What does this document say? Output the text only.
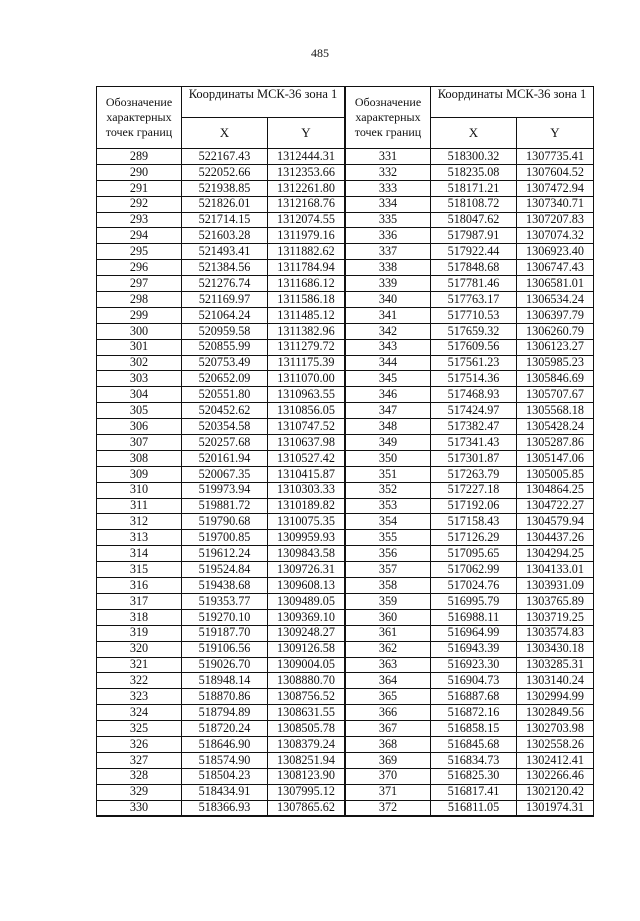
485
Обозначение характерных точек границ	Координаты МСК-36 зона 1	
	X	Y
289	522167.43	1312444.31
290	522052.66	1312353.66
291	521938.85	1312261.80
292	521826.01	1312168.76
293	521714.15	1312074.55
294	521603.28	1311979.16
295	521493.41	1311882.62
296	521384.56	1311784.94
297	521276.74	1311686.12
298	521169.97	1311586.18
299	521064.24	1311485.12
300	520959.58	1311382.96
301	520855.99	1311279.72
302	520753.49	1311175.39
303	520652.09	1311070.00
304	520551.80	1310963.55
305	520452.62	1310856.05
306	520354.58	1310747.52
307	520257.68	1310637.98
308	520161.94	1310527.42
309	520067.35	1310415.87
310	519973.94	1310303.33
311	519881.72	1310189.82
312	519790.68	1310075.35
313	519700.85	1309959.93
314	519612.24	1309843.58
315	519524.84	1309726.31
316	519438.68	1309608.13
317	519353.77	1309489.05
318	519270.10	1309369.10
319	519187.70	1309248.27
320	519106.56	1309126.58
321	519026.70	1309004.05
322	518948.14	1308880.70
323	518870.86	1308756.52
324	518794.89	1308631.55
325	518720.24	1308505.78
326	518646.90	1308379.24
327	518574.90	1308251.94
328	518504.23	1308123.90
329	518434.91	1307995.12
330	518366.93	1307865.62
Обозначение характерных точек границ	Координаты МСК-36 зона 1	
	X	Y
331	518300.32	1307735.41
332	518235.08	1307604.52
333	518171.21	1307472.94
334	518108.72	1307340.71
335	518047.62	1307207.83
336	517987.91	1307074.32
337	517922.44	1306923.40
338	517848.68	1306747.43
339	517781.46	1306581.01
340	517763.17	1306534.24
341	517710.53	1306397.79
342	517659.32	1306260.79
343	517609.56	1306123.27
344	517561.23	1305985.23
345	517514.36	1305846.69
346	517468.93	1305707.67
347	517424.97	1305568.18
348	517382.47	1305428.24
349	517341.43	1305287.86
350	517301.87	1305147.06
351	517263.79	1305005.85
352	517227.18	1304864.25
353	517192.06	1304722.27
354	517158.43	1304579.94
355	517126.29	1304437.26
356	517095.65	1304294.25
357	517062.99	1304133.01
358	517024.76	1303931.09
359	516995.79	1303765.89
360	516988.11	1303719.25
361	516964.99	1303574.83
362	516943.39	1303430.18
363	516923.30	1303285.31
364	516904.73	1303140.24
365	516887.68	1302994.99
366	516872.16	1302849.56
367	516858.15	1302703.98
368	516845.68	1302558.26
369	516834.73	1302412.41
370	516825.30	1302266.46
371	516817.41	1302120.42
372	516811.05	1301974.31
